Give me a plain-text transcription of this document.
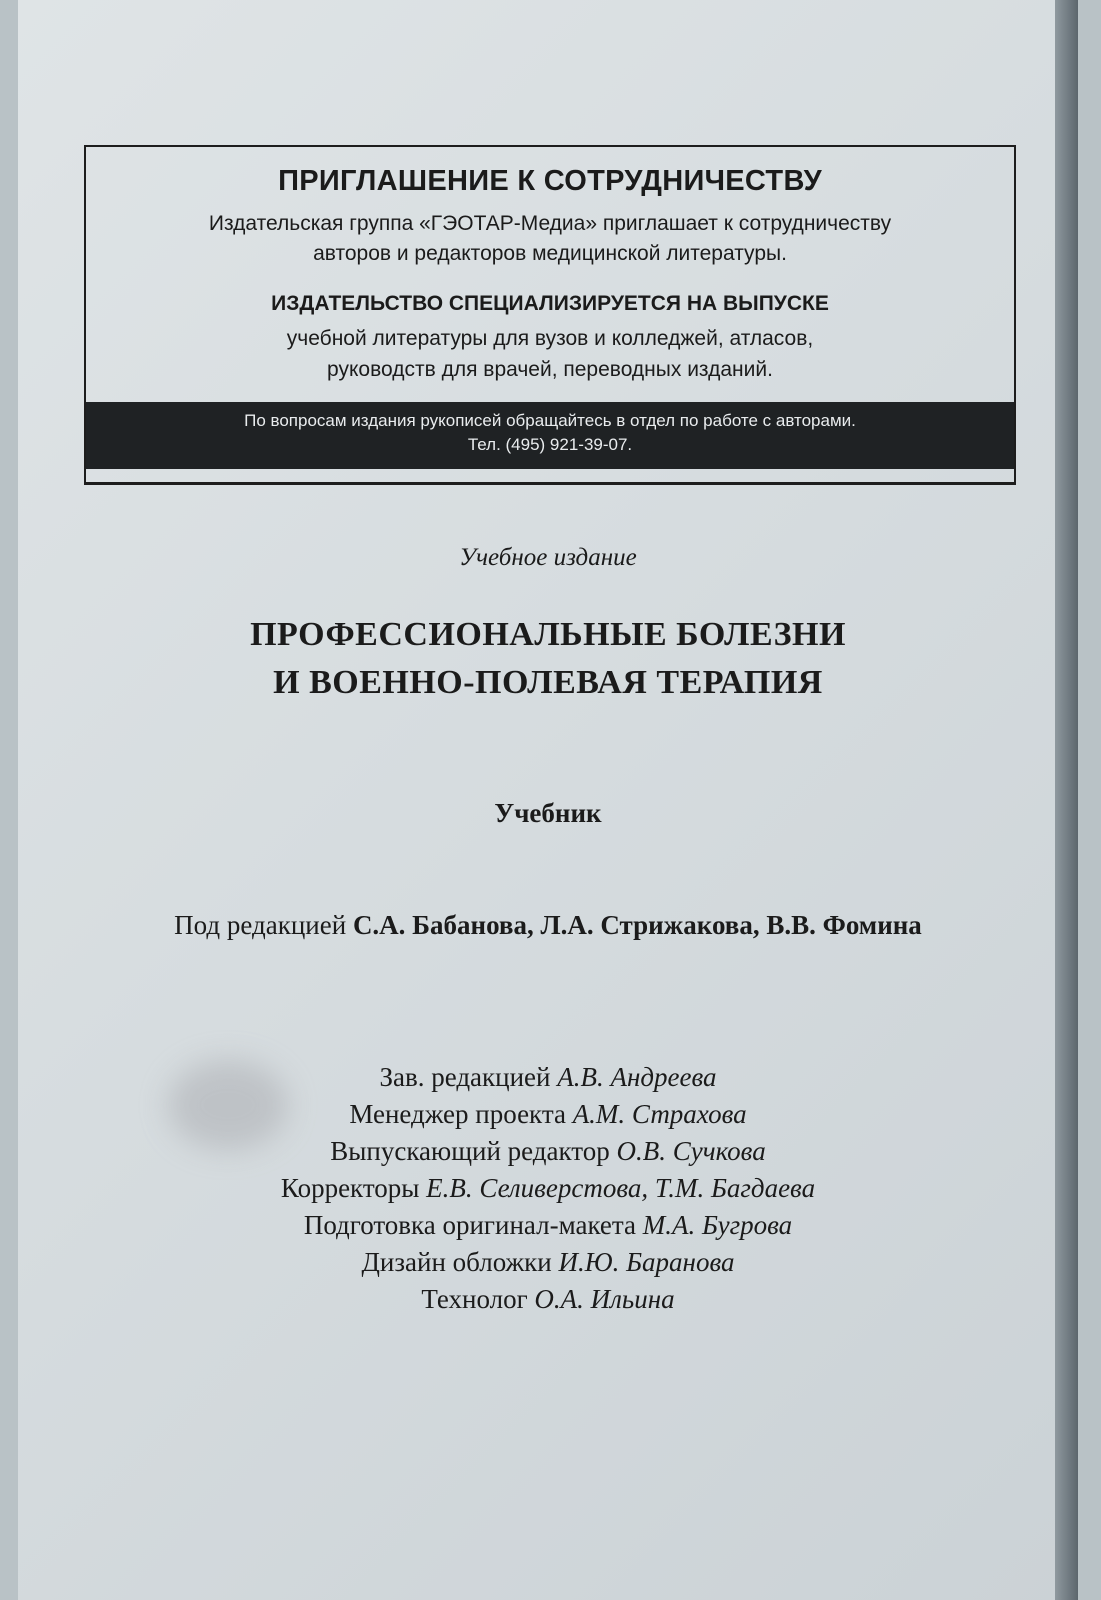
ПРИГЛАШЕНИЕ К СОТРУДНИЧЕСТВУ
Издательская группа «ГЭОТАР-Медиа» приглашает к сотрудничеству
авторов и редакторов медицинской литературы.
ИЗДАТЕЛЬСТВО СПЕЦИАЛИЗИРУЕТСЯ НА ВЫПУСКЕ
учебной литературы для вузов и колледжей, атласов,
руководств для врачей, переводных изданий.
По вопросам издания рукописей обращайтесь в отдел по работе с авторами.
Тел. (495) 921-39-07.
Учебное издание
ПРОФЕССИОНАЛЬНЫЕ БОЛЕЗНИ
И ВОЕННО-ПОЛЕВАЯ ТЕРАПИЯ
Учебник
Под редакцией С.А. Бабанова, Л.А. Стрижакова, В.В. Фомина
Зав. редакцией А.В. Андреева
Менеджер проекта А.М. Страхова
Выпускающий редактор О.В. Сучкова
Корректоры Е.В. Селиверстова, Т.М. Багдаева
Подготовка оригинал-макета М.А. Бугрова
Дизайн обложки И.Ю. Баранова
Технолог О.А. Ильина
